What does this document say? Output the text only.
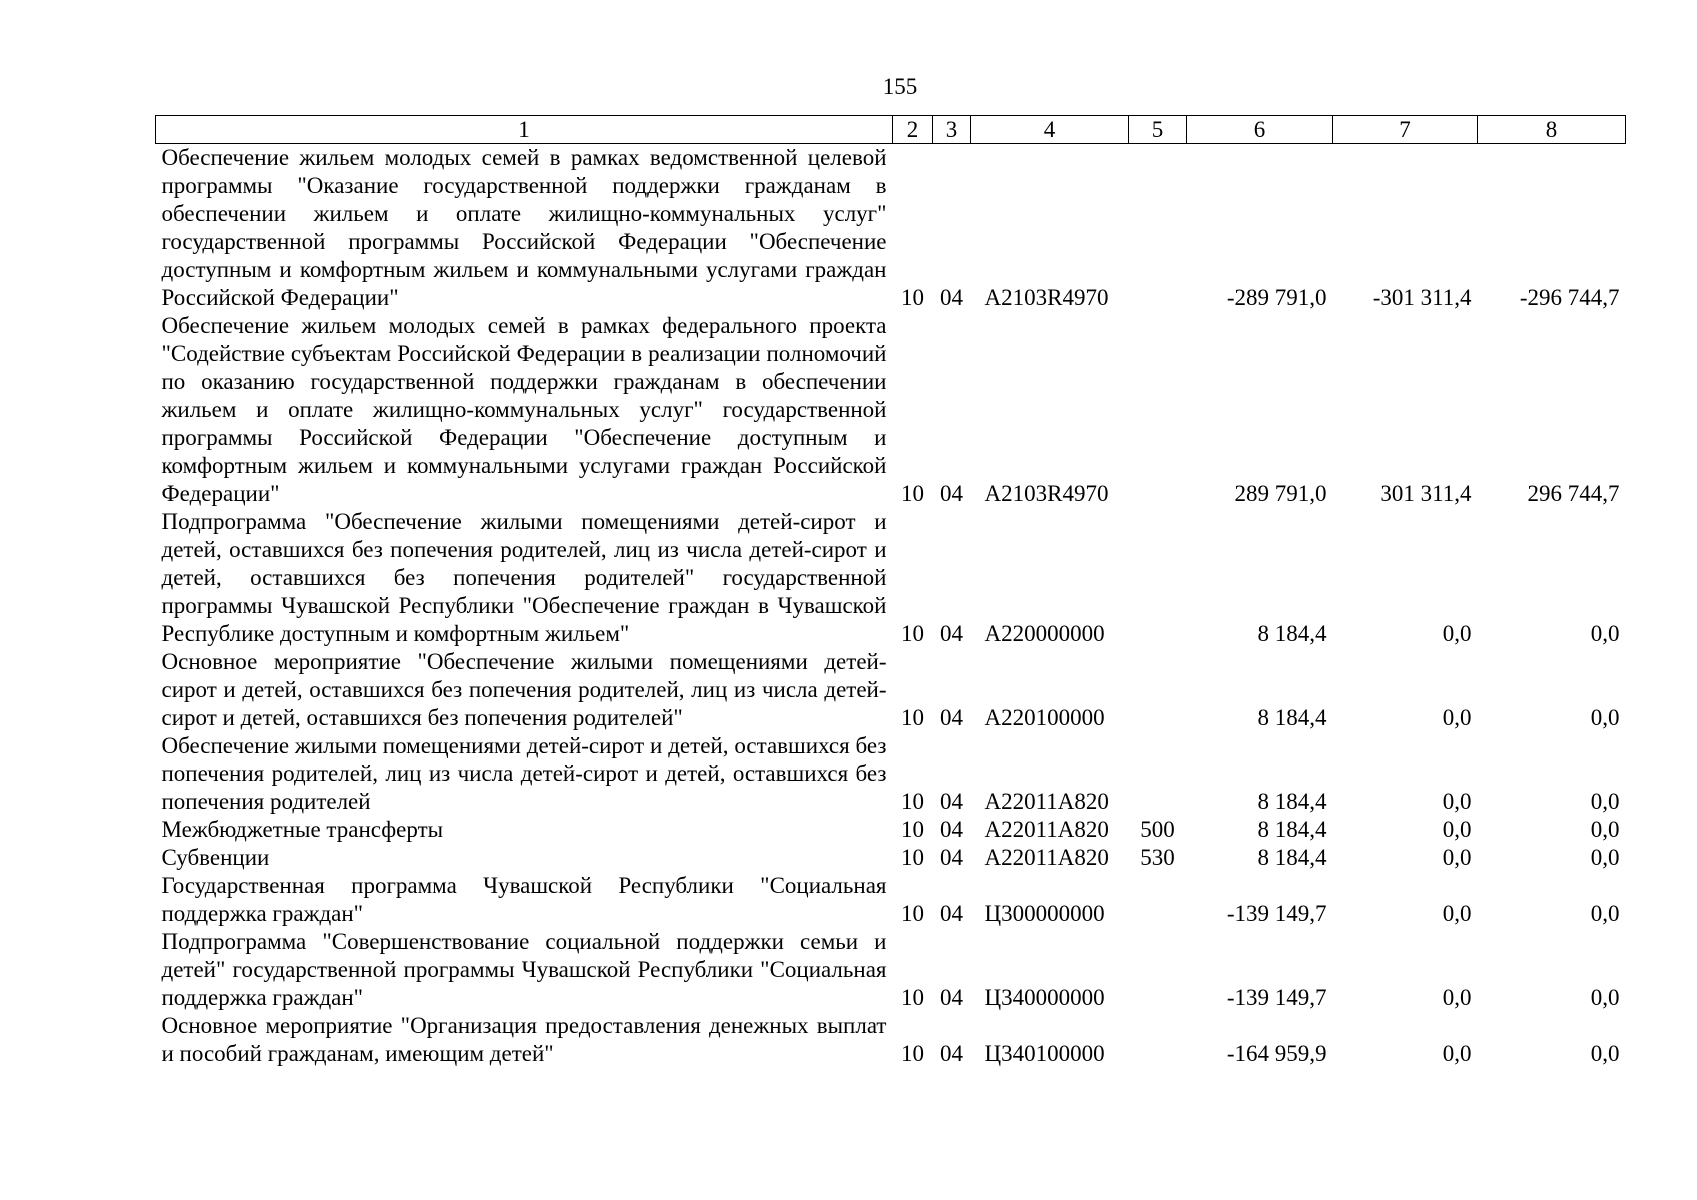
155
1	2	3	4	5	6	7	8
Обеспечение жильем молодых семей в рамках ведомственной целевой программы "Оказание государственной поддержки гражданам в обеспечении жильем и оплате жилищно-коммунальных услуг" государственной программы Российской Федерации "Обеспечение доступным и комфортным жильем и коммунальными услугами граждан Российской Федерации"	10	04	А2103R4970		-289 791,0	-301 311,4	-296 744,7
Обеспечение жильем молодых семей в рамках федерального проекта "Содействие субъектам Российской Федерации в реализации полномочий по оказанию государственной поддержки гражданам в обеспечении жильем и оплате жилищно-коммунальных услуг" государственной программы Российской Федерации "Обеспечение доступным и комфортным жильем и коммунальными услугами граждан Российской Федерации"	10	04	А2103R4970		289 791,0	301 311,4	296 744,7
Подпрограмма "Обеспечение жилыми помещениями детей-сирот и детей, оставшихся без попечения родителей, лиц из числа детей-сирот и детей, оставшихся без попечения родителей" государственной программы Чувашской Республики "Обеспечение граждан в Чувашской Республике доступным и комфортным жильем"	10	04	А220000000		8 184,4	0,0	0,0
Основное мероприятие "Обеспечение жилыми помещениями детей-сирот и детей, оставшихся без попечения родителей, лиц из числа детей-сирот и детей, оставшихся без попечения родителей"	10	04	А220100000		8 184,4	0,0	0,0
Обеспечение жилыми помещениями детей-сирот и детей, оставшихся без попечения родителей, лиц из числа детей-сирот и детей, оставшихся без попечения родителей	10	04	А22011А820		8 184,4	0,0	0,0
Межбюджетные трансферты	10	04	А22011А820	500	8 184,4	0,0	0,0
Субвенции	10	04	А22011А820	530	8 184,4	0,0	0,0
Государственная программа Чувашской Республики "Социальная поддержка граждан"	10	04	Ц300000000		-139 149,7	0,0	0,0
Подпрограмма "Совершенствование социальной поддержки семьи и детей" государственной программы Чувашской Республики "Социальная поддержка граждан"	10	04	Ц340000000		-139 149,7	0,0	0,0
Основное мероприятие "Организация предоставления денежных выплат и пособий гражданам, имеющим детей"	10	04	Ц340100000		-164 959,9	0,0	0,0
